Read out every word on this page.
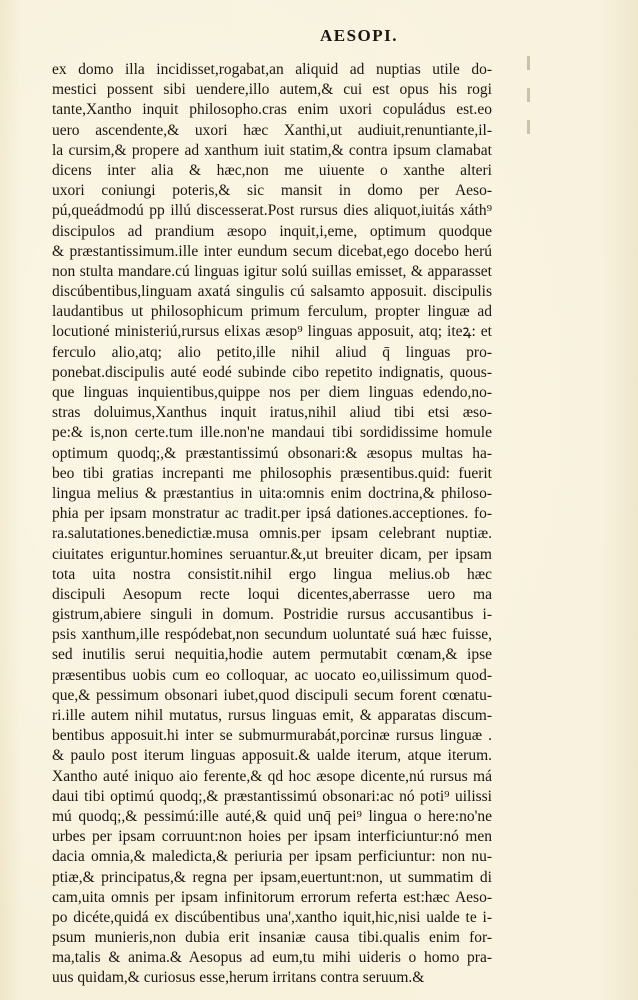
AESOPI.
ex domo illa incidisset,rogabat,an aliquid ad nuptias utile do-
mestici possent sibi uendere,illo autem,& cui est opus his rogi
tante,Xantho inquit philosopho.cras enim uxori copuládus est.eo
uero ascendente,& uxori hæc Xanthi,ut audiuit,renuntiante,il-
la cursim,& propere ad xanthum iuit statim,& contra ipsum clamabat
dicens inter alia & hæc,non me uiuente o xanthe alteri
uxori coniungi poteris,& sic mansit in domo per Aeso-
pú,queádmodú pp illú discesserat.Post rursus dies aliquot,iuitás xáth⁹
discipulos ad prandium æsopo inquit,i,eme, optimum quodque
& præstantissimum.ille inter eundum secum dicebat,ego docebo herú
non stulta mandare.cú linguas igitur solú suillas emisset, & apparasset
discúbentibus,linguam axatá singulis cú salsamto apposuit. discipulis
laudantibus ut philosophicum primum ferculum, propter linguæ ad
locutioné ministeriú,rursus elixas æsop⁹ linguas apposuit, atq; iteꝝ: et
ferculo alio,atq; alio petito,ille nihil aliud q̄ linguas pro-
ponebat.discipulis auté eodé subinde cibo repetito indignatis, quous-
que linguas inquientibus,quippe nos per diem linguas edendo,no-
stras doluimus,Xanthus inquit iratus,nihil aliud tibi etsi æso-
pe:& is,non certe.tum ille.non'ne mandaui tibi sordidissime homule
optimum quodq;,& præstantissimú obsonari:& æsopus multas ha-
beo tibi gratias increpanti me philosophis præsentibus.quid: fuerit
lingua melius & præstantius in uita:omnis enim doctrina,& philoso-
phia per ipsam monstratur ac tradit.per ipsá dationes.acceptiones. fo-
ra.salutationes.benedictiæ.musa omnis.per ipsam celebrant nuptiæ.
ciuitates eriguntur.homines seruantur.&,ut breuiter dicam, per ipsam
tota uita nostra consistit.nihil ergo lingua melius.ob hæc
discipuli Aesopum recte loqui dicentes,aberrasse uero ma
gistrum,abiere singuli in domum. Postridie rursus accusantibus i-
psis xanthum,ille respódebat,non secundum uoluntaté suá hæc fuisse,
sed inutilis serui nequitia,hodie autem permutabit cœnam,& ipse
præsentibus uobis cum eo colloquar, ac uocato eo,uilissimum quod-
que,& pessimum obsonari iubet,quod discipuli secum forent cœnatu-
ri.ille autem nihil mutatus, rursus linguas emit, & apparatas discum-
bentibus apposuit.hi inter se submurmurabát,porcinæ rursus linguæ .
& paulo post iterum linguas apposuit.& ualde iterum, atque iterum.
Xantho auté iniquo aio ferente,& qd hoc æsope dicente,nú rursus má
daui tibi optimú quodq;,& præstantissimú obsonari:ac nó poti⁹ uilissi
mú quodq;,& pessimú:ille auté,& quid unq̄ pei⁹ lingua o here:no'ne
urbes per ipsam corruunt:non hoies per ipsam interficiuntur:nó men
dacia omnia,& maledicta,& periuria per ipsam perficiuntur: non nu-
ptiæ,& principatus,& regna per ipsam,euertunt:non, ut summatim di
cam,uita omnis per ipsam infinitorum errorum referta est:hæc Aeso-
po dicéte,quidá ex discúbentibus una',xantho iquit,hic,nisi ualde te i-
psum munieris,non dubia erit insaniæ causa tibi.qualis enim for-
ma,talis & anima.& Aesopus ad eum,tu mihi uideris o homo pra-
uus quidam,& curiosus esse,herum irritans contra seruum.&
